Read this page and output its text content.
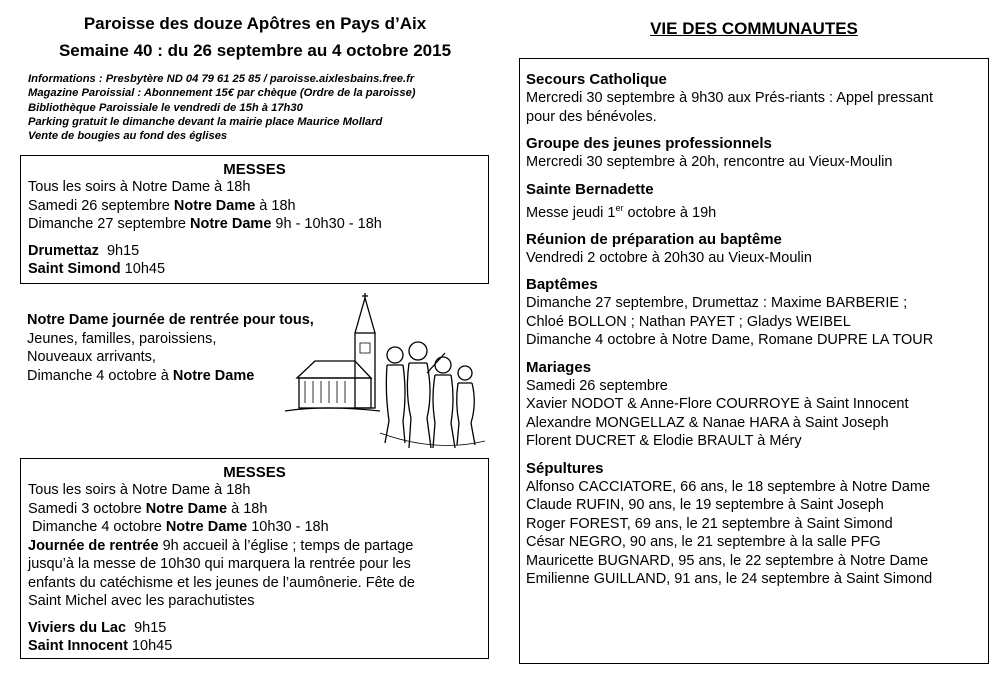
Paroisse des douze Apôtres en Pays d’Aix
Semaine 40 : du 26 septembre au 4 octobre 2015
Informations : Presbytère ND 04 79 61 25 85 / paroisse.aixlesbains.free.fr
Magazine Paroissial : Abonnement 15€ par chèque (Ordre de la paroisse)
Bibliothèque Paroissiale le vendredi de 15h à 17h30
Parking gratuit le dimanche devant la mairie place Maurice Mollard
Vente de bougies au fond des églises
MESSES
Tous les soirs à Notre Dame à 18h
Samedi 26 septembre Notre Dame à 18h
Dimanche 27 septembre Notre Dame 9h - 10h30 - 18h
Drumettaz  9h15
Saint Simond 10h45
Notre Dame journée de rentrée pour tous,
Jeunes, familles, paroissiens,
Nouveaux arrivants,
Dimanche 4 octobre à Notre Dame
MESSES
Tous les soirs à Notre Dame à 18h
Samedi 3 octobre Notre Dame à 18h
Dimanche 4 octobre Notre Dame 10h30 - 18h
Journée de rentrée 9h accueil à l’église ; temps de partage
jusqu’à la messe de 10h30 qui marquera la rentrée pour les
enfants du catéchisme et les jeunes de l’aumônerie. Fête de
Saint Michel avec les parachutistes
Viviers du Lac  9h15
Saint Innocent 10h45
VIE DES COMMUNAUTES
Secours Catholique
Mercredi 30 septembre à 9h30 aux Prés-riants : Appel pressant
pour des bénévoles.
Groupe des jeunes professionnels
Mercredi 30 septembre à 20h, rencontre au Vieux-Moulin
Sainte Bernadette
Messe jeudi 1er octobre à 19h
Réunion de préparation au baptême
Vendredi 2 octobre à 20h30 au Vieux-Moulin
Baptêmes
Dimanche 27 septembre, Drumettaz : Maxime BARBERIE ;
Chloé BOLLON ; Nathan PAYET ; Gladys WEIBEL
Dimanche 4 octobre à Notre Dame, Romane DUPRE LA TOUR
Mariages
Samedi 26 septembre
Xavier NODOT & Anne-Flore COURROYE à Saint Innocent
Alexandre MONGELLAZ & Nanae HARA à Saint Joseph
Florent DUCRET & Elodie BRAULT à Méry
Sépultures
Alfonso CACCIATORE, 66 ans, le 18 septembre à Notre Dame
Claude RUFIN, 90 ans, le 19 septembre à Saint Joseph
Roger FOREST, 69 ans, le 21 septembre à Saint Simond
César NEGRO, 90 ans, le 21 septembre à la salle PFG
Mauricette BUGNARD, 95 ans, le 22 septembre à Notre Dame
Emilienne GUILLAND, 91 ans, le 24 septembre à Saint Simond
